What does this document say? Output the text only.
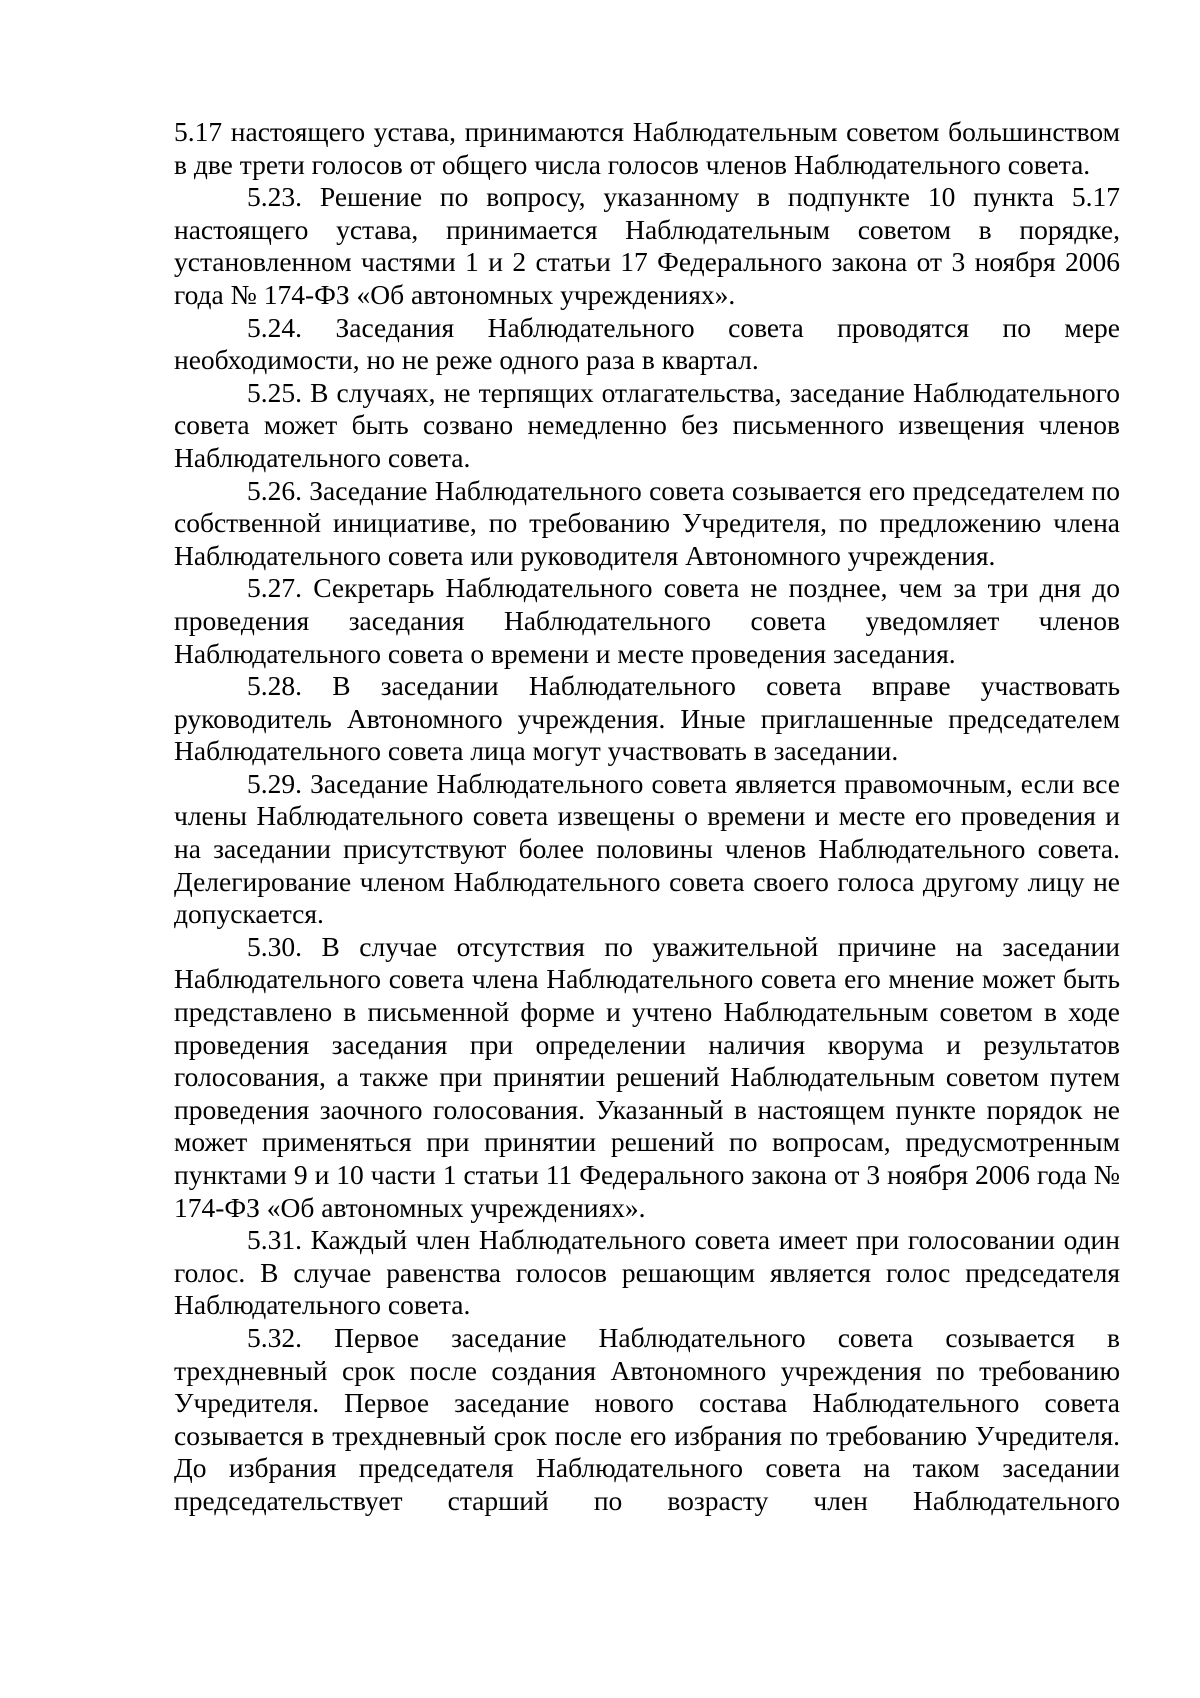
5.17 настоящего устава, принимаются Наблюдательным советом большинством в две трети голосов от общего числа голосов членов Наблюдательного совета.

5.23. Решение по вопросу, указанному в подпункте 10 пункта 5.17 настоящего устава, принимается Наблюдательным советом в порядке, установленном частями 1 и 2 статьи 17 Федерального закона от 3 ноября 2006 года № 174-ФЗ «Об автономных учреждениях».

5.24. Заседания Наблюдательного совета проводятся по мере необходимости, но не реже одного раза в квартал.

5.25. В случаях, не терпящих отлагательства, заседание Наблюдательного совета может быть созвано немедленно без письменного извещения членов Наблюдательного совета.

5.26. Заседание Наблюдательного совета созывается его председателем по собственной инициативе, по требованию Учредителя, по предложению члена Наблюдательного совета или руководителя Автономного учреждения.

5.27. Секретарь Наблюдательного совета не позднее, чем за три дня до проведения заседания Наблюдательного совета уведомляет членов Наблюдательного совета о времени и месте проведения заседания.

5.28. В заседании Наблюдательного совета вправе участвовать руководитель Автономного учреждения. Иные приглашенные председателем Наблюдательного совета лица могут участвовать в заседании.

5.29. Заседание Наблюдательного совета является правомочным, если все члены Наблюдательного совета извещены о времени и месте его проведения и на заседании присутствуют более половины членов Наблюдательного совета. Делегирование членом Наблюдательного совета своего голоса другому лицу не допускается.

5.30. В случае отсутствия по уважительной причине на заседании Наблюдательного совета члена Наблюдательного совета его мнение может быть представлено в письменной форме и учтено Наблюдательным советом в ходе проведения заседания при определении наличия кворума и результатов голосования, а также при принятии решений Наблюдательным советом путем проведения заочного голосования. Указанный в настоящем пункте порядок не может применяться при принятии решений по вопросам, предусмотренным пунктами 9 и 10 части 1 статьи 11 Федерального закона от 3 ноября 2006 года № 174-ФЗ «Об автономных учреждениях».

5.31. Каждый член Наблюдательного совета имеет при голосовании один голос. В случае равенства голосов решающим является голос председателя Наблюдательного совета.

5.32. Первое заседание Наблюдательного совета созывается в трехдневный срок после создания Автономного учреждения по требованию Учредителя. Первое заседание нового состава Наблюдательного совета созывается в трехдневный срок после его избрания по требованию Учредителя. До избрания председателя Наблюдательного совета на таком заседании председательствует старший по возрасту член Наблюдательного
